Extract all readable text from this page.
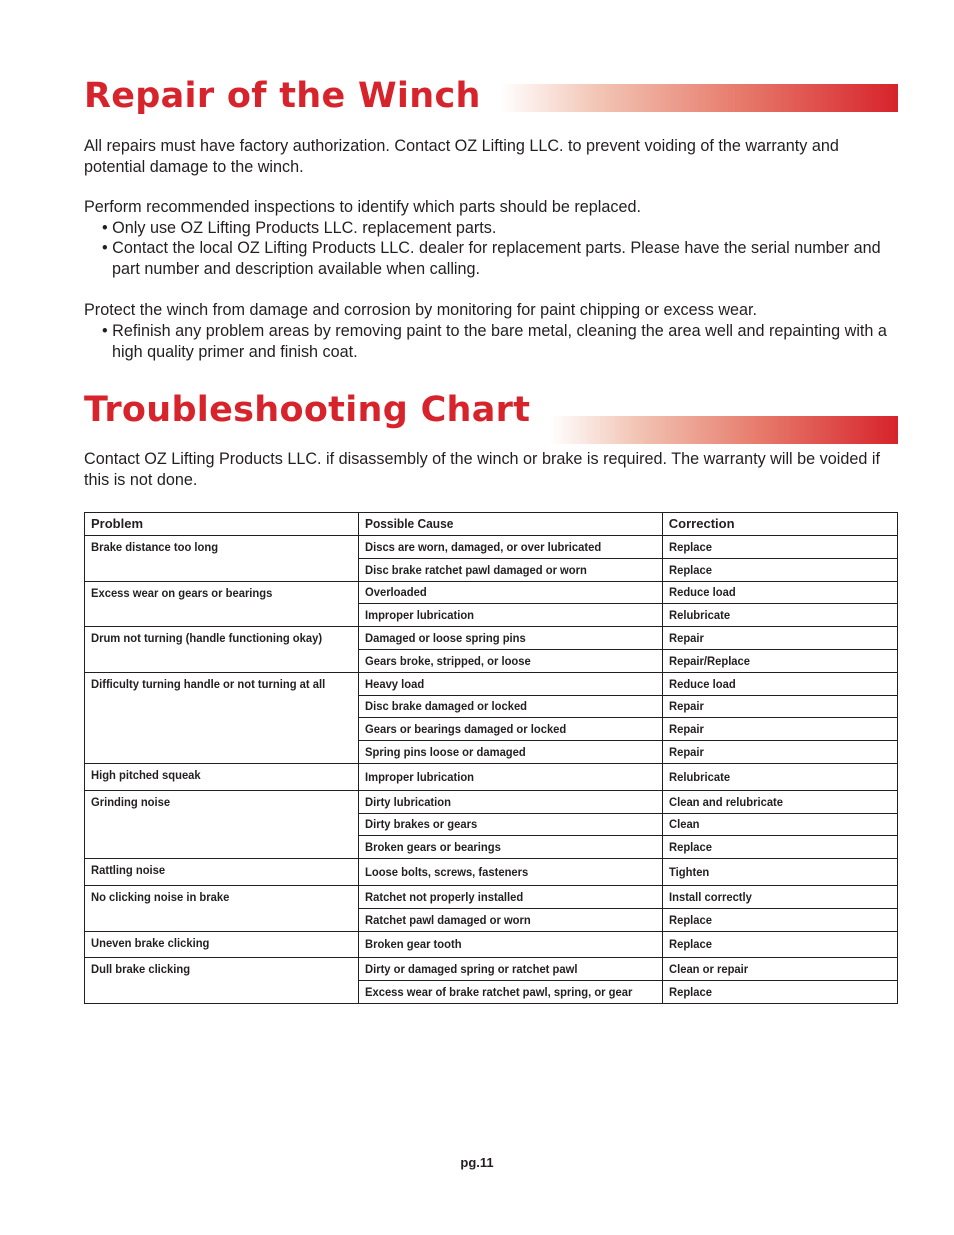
Repair of the Winch

All repairs must have factory authorization. Contact OZ Lifting LLC. to prevent voiding of the warranty and potential damage to the winch.

Perform recommended inspections to identify which parts should be replaced.

• Only use OZ Lifting Products LLC. replacement parts.

• Contact the local OZ Lifting Products LLC. dealer for replacement parts. Please have the serial number and part number and description available when calling.

Protect the winch from damage and corrosion by monitoring for paint chipping or excess wear.

• Refinish any problem areas by removing paint to the bare metal, cleaning the area well and repainting with a high quality primer and finish coat.

Troubleshooting Chart

Contact OZ Lifting Products LLC. if disassembly of the winch or brake is required. The warranty will be voided if this is not done.

Problem	Possible Cause	Correction
Brake distance too long	Discs are worn, damaged, or over lubricated	Replace
	Disc brake ratchet pawl damaged or worn	Replace
Excess wear on gears or bearings	Overloaded	Reduce load
	Improper lubrication	Relubricate
Drum not turning (handle functioning okay)	Damaged or loose spring pins	Repair
	Gears broke, stripped, or loose	Repair/Replace
Difficulty turning handle or not turning at all	Heavy load	Reduce load
	Disc brake damaged or locked	Repair
	Gears or bearings damaged or locked	Repair
	Spring pins loose or damaged	Repair
High pitched squeak	Improper lubrication	Relubricate
Grinding noise	Dirty lubrication	Clean and relubricate
	Dirty brakes or gears	Clean
	Broken gears or bearings	Replace
Rattling noise	Loose bolts, screws, fasteners	Tighten
No clicking noise in brake	Ratchet not properly installed	Install correctly
	Ratchet pawl damaged or worn	Replace
Uneven brake clicking	Broken gear tooth	Replace
Dull brake clicking	Dirty or damaged spring or ratchet pawl	Clean or repair
	Excess wear of brake ratchet pawl, spring, or gear	Replace
pg.11
